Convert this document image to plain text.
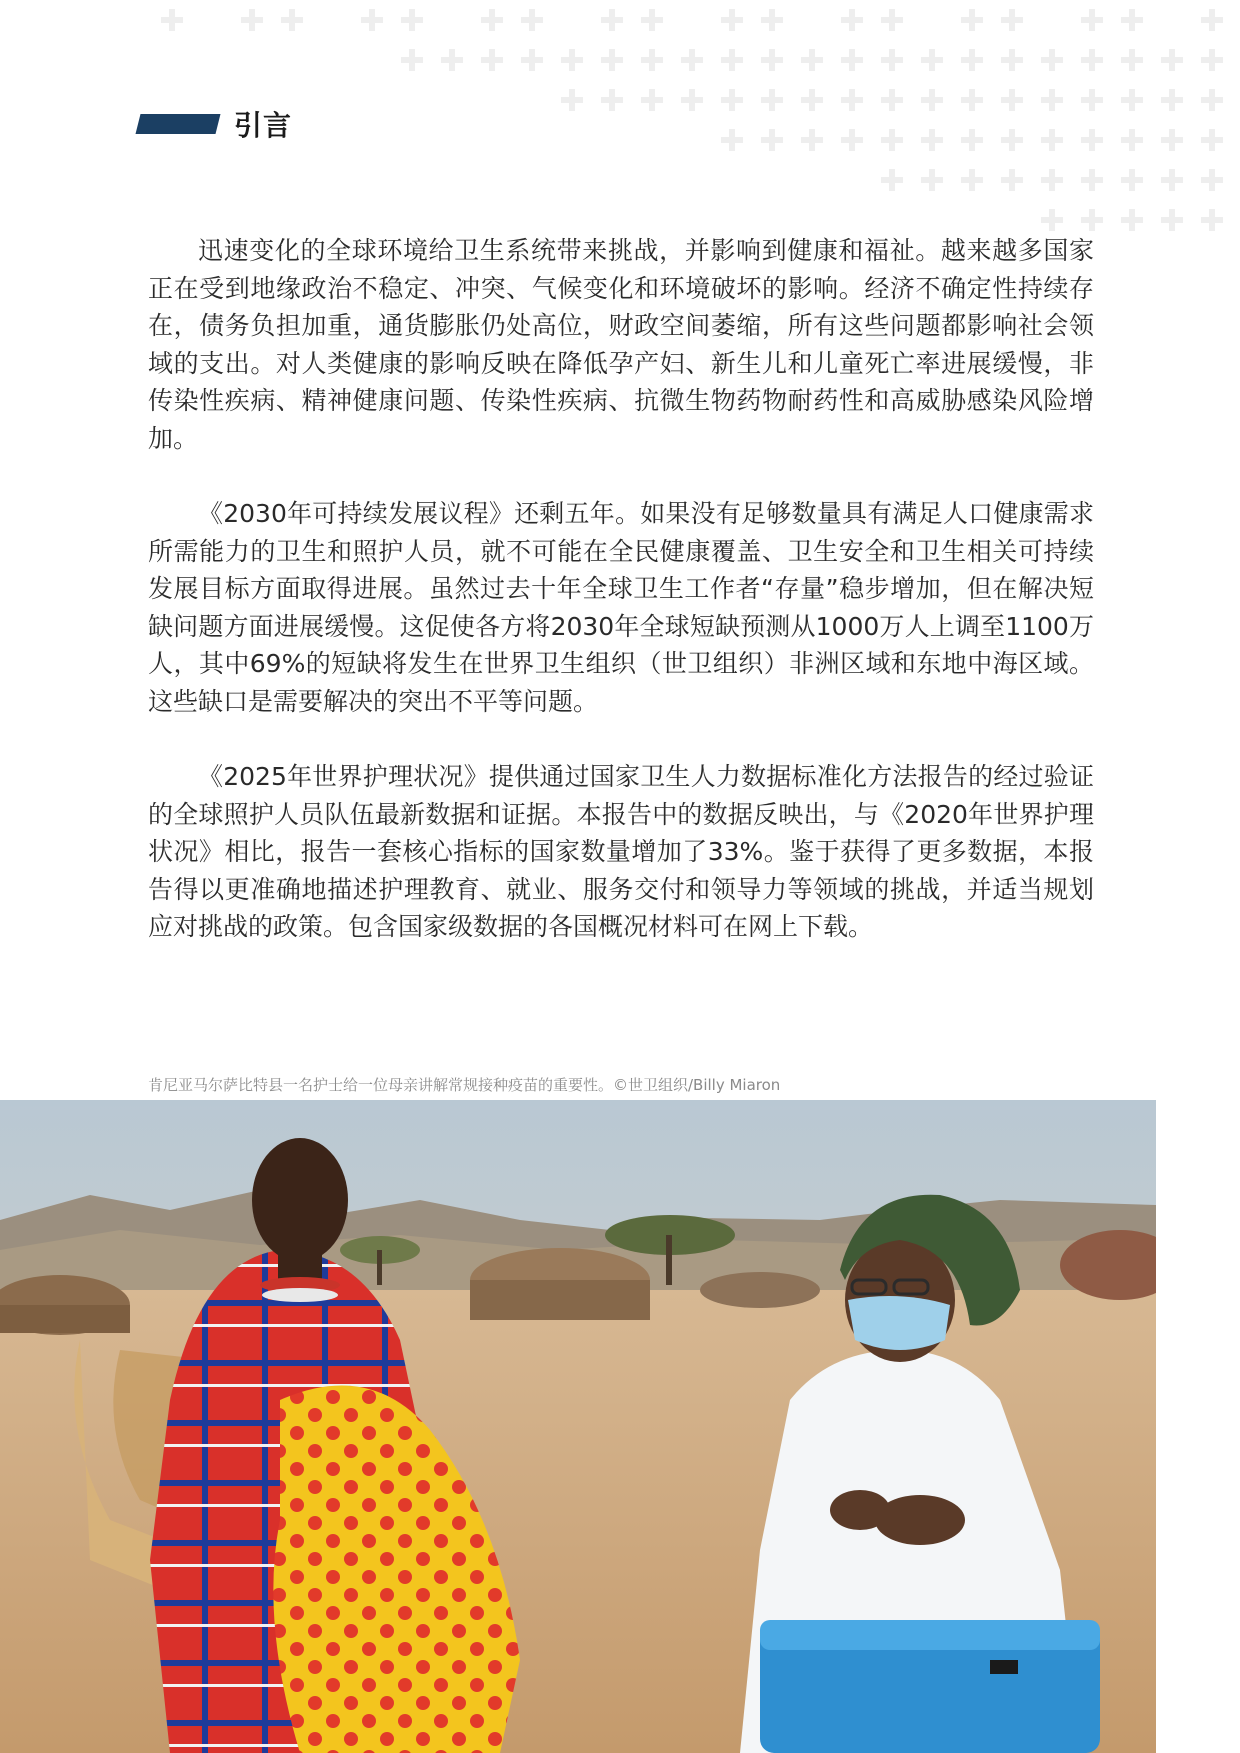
引言

迅速变化的全球环境给卫生系统带来挑战，并影响到健康和福祉。越来越多国家正在受到地缘政治不稳定、冲突、气候变化和环境破坏的影响。经济不确定性持续存在，债务负担加重，通货膨胀仍处高位，财政空间萎缩，所有这些问题都影响社会领域的支出。对人类健康的影响反映在降低孕产妇、新生儿和儿童死亡率进展缓慢，非传染性疾病、精神健康问题、传染性疾病、抗微生物药物耐药性和高威胁感染风险增加。

《2030年可持续发展议程》还剩五年。如果没有足够数量具有满足人口健康需求所需能力的卫生和照护人员，就不可能在全民健康覆盖、卫生安全和卫生相关可持续发展目标方面取得进展。虽然过去十年全球卫生工作者“存量”稳步增加，但在解决短缺问题方面进展缓慢。这促使各方将2030年全球短缺预测从1000万人上调至1100万人，其中69%的短缺将发生在世界卫生组织（世卫组织）非洲区域和东地中海区域。这些缺口是需要解决的突出不平等问题。

《2025年世界护理状况》提供通过国家卫生人力数据标准化方法报告的经过验证的全球照护人员队伍最新数据和证据。本报告中的数据反映出，与《2020年世界护理状况》相比，报告一套核心指标的国家数量增加了33%。鉴于获得了更多数据，本报告得以更准确地描述护理教育、就业、服务交付和领导力等领域的挑战，并适当规划应对挑战的政策。包含国家级数据的各国概况材料可在网上下载。

肯尼亚马尔萨比特县一名护士给一位母亲讲解常规接种疫苗的重要性。©世卫组织/Billy Miaron
